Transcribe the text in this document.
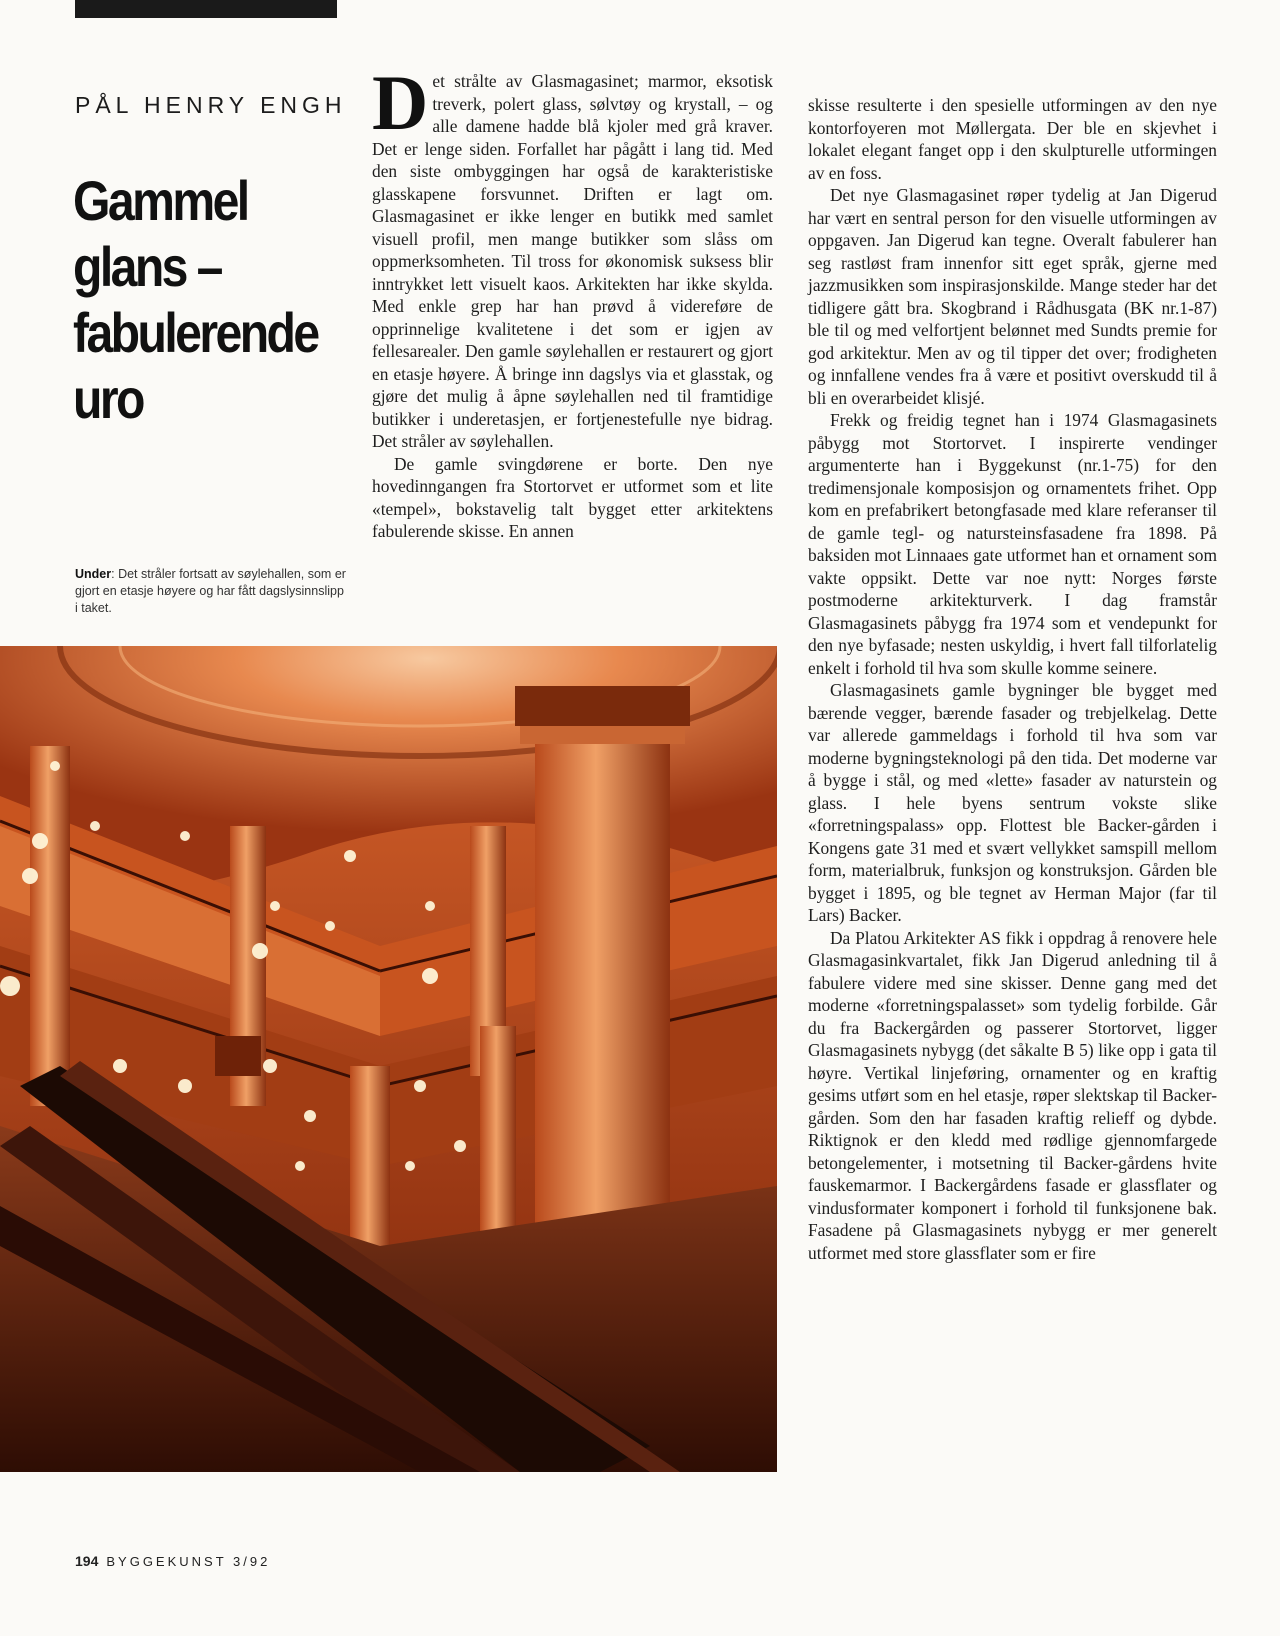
PÅL HENRY ENGH
Gammel
glans –
fabulerende
uro
Under: Det stråler fortsatt av søylehallen, som er gjort en etasje høyere og har fått dagslysinnslipp i taket.

Det strålte av Glasmagasinet; marmor, eksotisk treverk, polert glass, sølvtøy og krystall, – og alle damene hadde blå kjoler med grå kraver. Det er lenge siden. Forfallet har pågått i lang tid. Med den siste ombyggingen har også de karakteristiske glasskapene forsvunnet. Driften er lagt om. Glasmagasinet er ikke lenger en butikk med samlet visuell profil, men mange butikker som slåss om oppmerksomheten. Til tross for økonomisk suksess blir inntrykket lett visuelt kaos. Arkitekten har ikke skylda. Med enkle grep har han prøvd å videreføre de opprinnelige kvalitetene i det som er igjen av fellesarealer. Den gamle søylehallen er restaurert og gjort en etasje høyere. Å bringe inn dagslys via et glasstak, og gjøre det mulig å åpne søylehallen ned til framtidige butikker i underetasjen, er fortjenestefulle nye bidrag. Det stråler av søylehallen.

De gamle svingdørene er borte. Den nye hovedinngangen fra Stortorvet er utformet som et lite «tempel», bokstavelig talt bygget etter arkitektens fabulerende skisse. En annen

skisse resulterte i den spesielle utformingen av den nye kontorfoyeren mot Møllergata. Der ble en skjevhet i lokalet elegant fanget opp i den skulpturelle utformingen av en foss.

Det nye Glasmagasinet røper tydelig at Jan Digerud har vært en sentral person for den visuelle utformingen av oppgaven. Jan Digerud kan tegne. Overalt fabulerer han seg rastløst fram innenfor sitt eget språk, gjerne med jazzmusikken som inspirasjonskilde. Mange steder har det tidligere gått bra. Skogbrand i Rådhusgata (BK nr.1-87) ble til og med velfortjent belønnet med Sundts premie for god arkitektur. Men av og til tipper det over; frodigheten og innfallene vendes fra å være et positivt overskudd til å bli en overarbeidet klisjé.

Frekk og freidig tegnet han i 1974 Glasmagasinets påbygg mot Stortorvet. I inspirerte vendinger argumenterte han i Byggekunst (nr.1-75) for den tredimensjonale komposisjon og ornamentets frihet. Opp kom en prefabrikert betongfasade med klare referanser til de gamle tegl- og natursteinsfasadene fra 1898. På baksiden mot Linnaaes gate utformet han et ornament som vakte oppsikt. Dette var noe nytt: Norges første postmoderne arkitekturverk. I dag framstår Glasmagasinets påbygg fra 1974 som et vendepunkt for den nye byfasade; nesten uskyldig, i hvert fall tilforlatelig enkelt i forhold til hva som skulle komme seinere.

Glasmagasinets gamle bygninger ble bygget med bærende vegger, bærende fasader og trebjelkelag. Dette var allerede gammeldags i forhold til hva som var moderne bygningsteknologi på den tida. Det moderne var å bygge i stål, og med «lette» fasader av naturstein og glass. I hele byens sentrum vokste slike «forretningspalass» opp. Flottest ble Backer-gården i Kongens gate 31 med et svært vellykket samspill mellom form, materialbruk, funksjon og konstruksjon. Gården ble bygget i 1895, og ble tegnet av Herman Major (far til Lars) Backer.

Da Platou Arkitekter AS fikk i oppdrag å renovere hele Glasmagasinkvartalet, fikk Jan Digerud anledning til å fabulere videre med sine skisser. Denne gang med det moderne «forretningspalasset» som tydelig forbilde. Går du fra Backergården og passerer Stortorvet, ligger Glasmagasinets nybygg (det såkalte B 5) like opp i gata til høyre. Vertikal linjeføring, ornamenter og en kraftig gesims utført som en hel etasje, røper slektskap til Backer-gården. Som den har fasaden kraftig relieff og dybde. Riktignok er den kledd med rødlige gjennomfargede betongelementer, i motsetning til Backer-gårdens hvite fauskemarmor. I Backergårdens fasade er glassflater og vindusformater komponert i forhold til funksjonene bak. Fasadene på Glasmagasinets nybygg er mer generelt utformet med store glassflater som er fire

194 BYGGEKUNST 3/92
